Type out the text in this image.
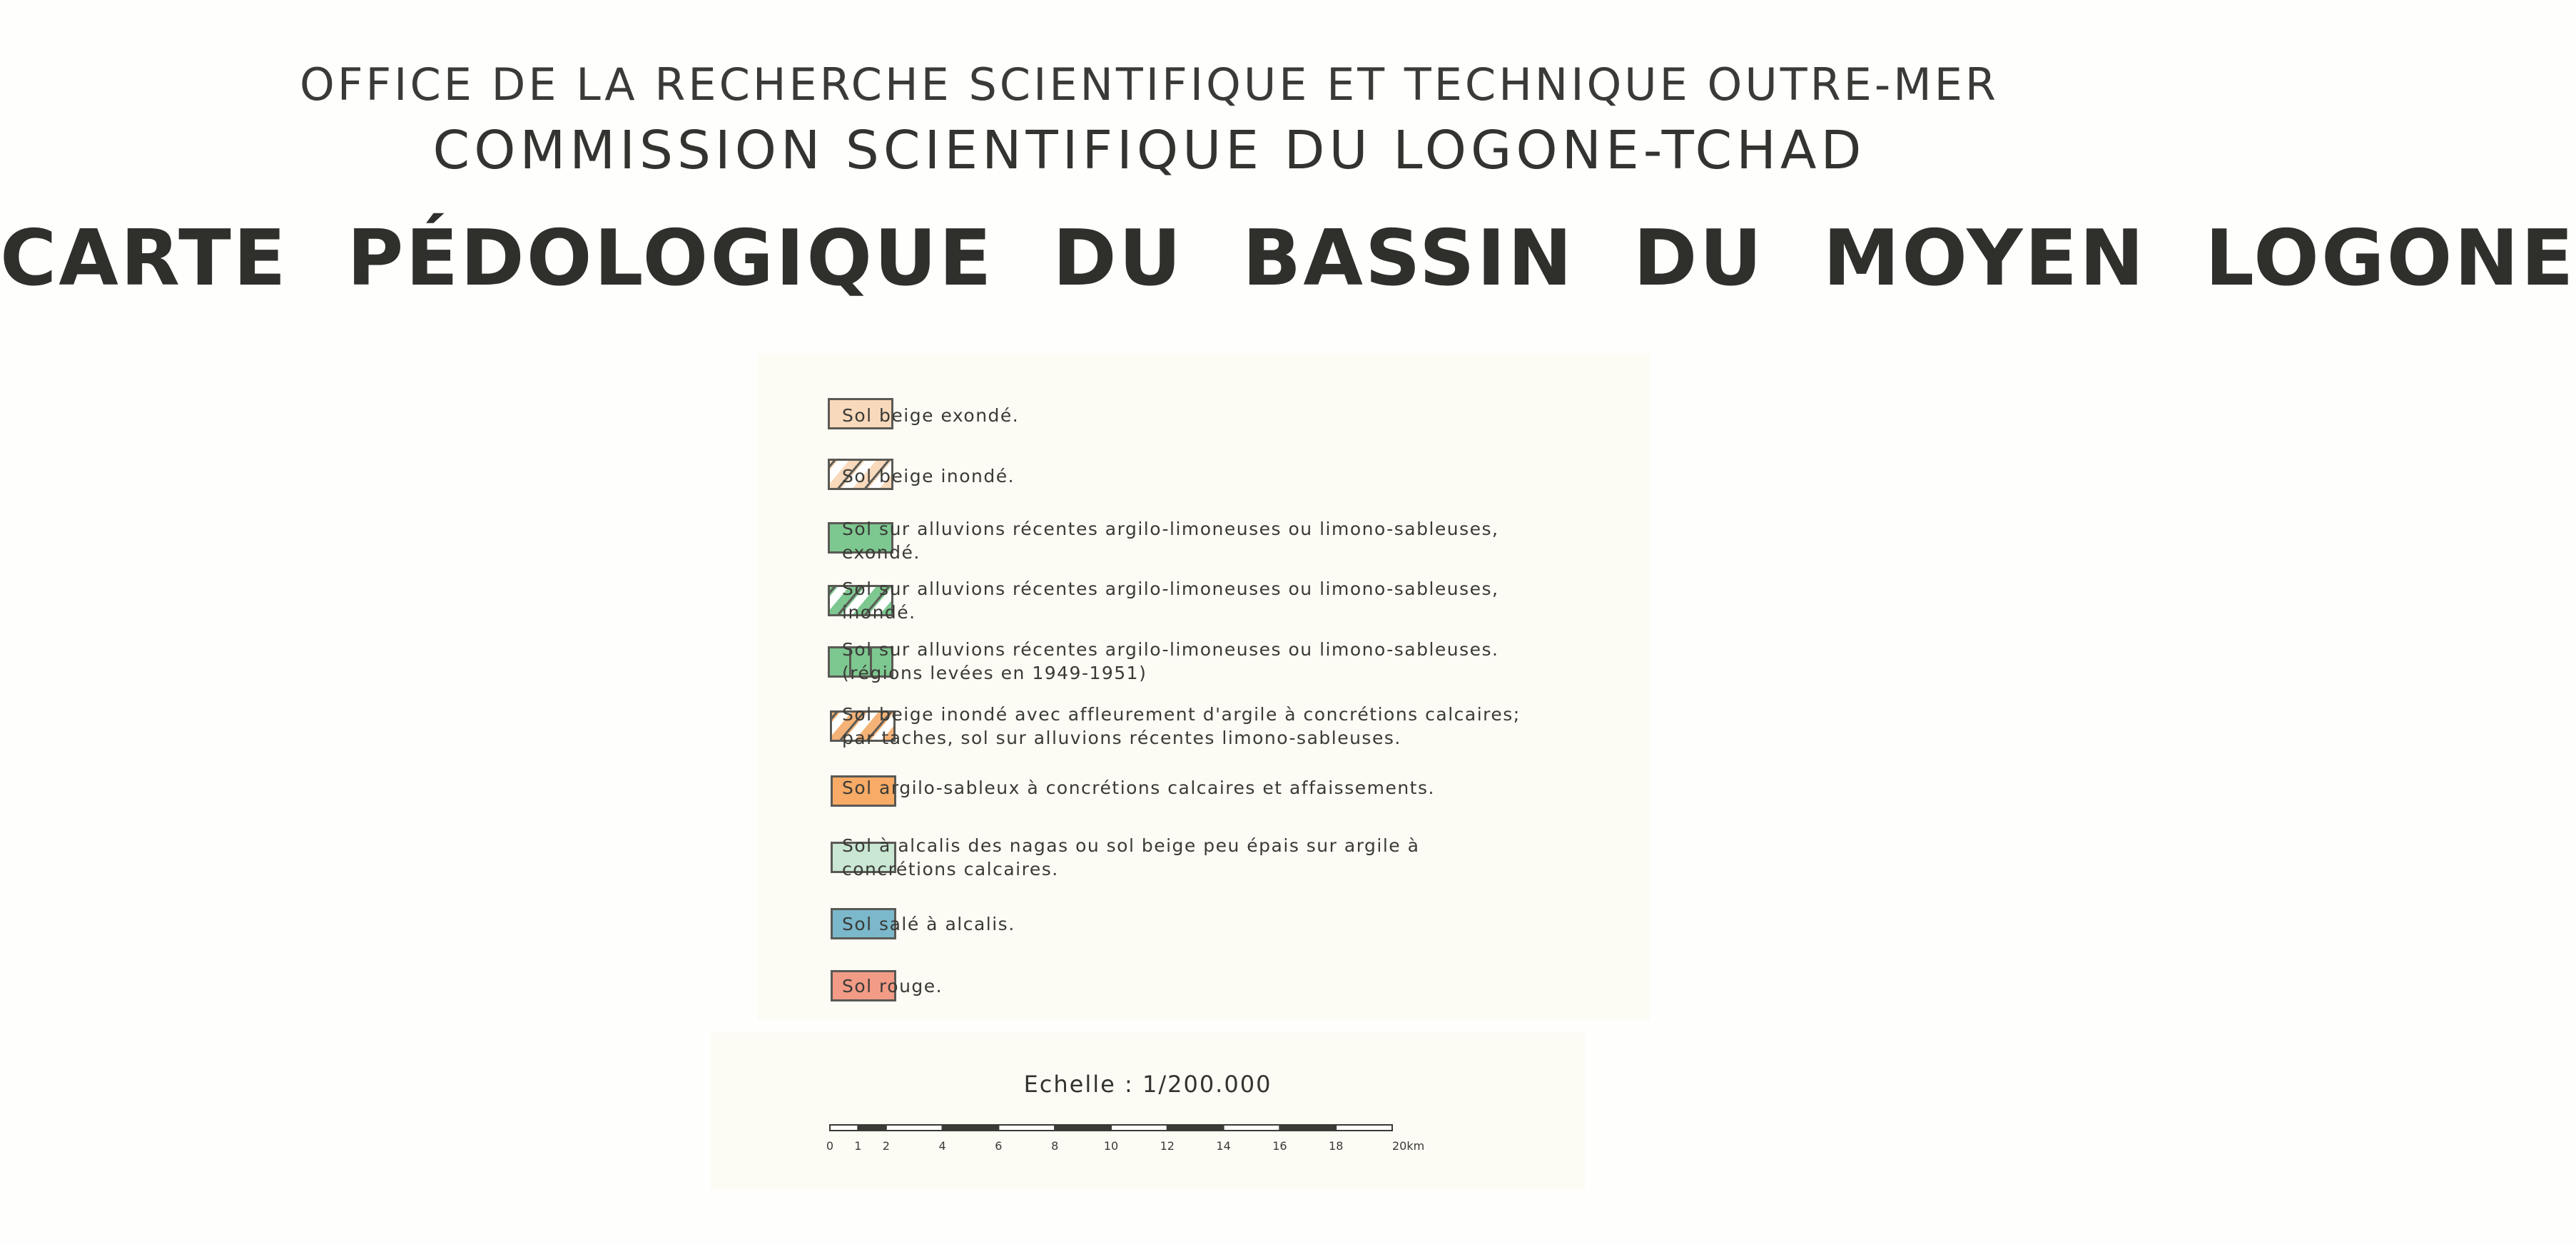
OFFICE DE LA RECHERCHE SCIENTIFIQUE ET TECHNIQUE OUTRE-MER
COMMISSION SCIENTIFIQUE DU LOGONE-TCHAD
CARTE PÉDOLOGIQUE DU BASSIN DU MOYEN LOGONE
Sol beige exondé.
Sol beige inondé.
Sol sur alluvions récentes argilo-limoneuses ou limono-sableuses,
exondé.
Sol sur alluvions récentes argilo-limoneuses ou limono-sableuses,
inondé.
Sol sur alluvions récentes argilo-limoneuses ou limono-sableuses.
(régions levées en 1949-1951)
Sol beige inondé avec affleurement d'argile à concrétions calcaires;
par taches, sol sur alluvions récentes limono-sableuses.
Sol argilo-sableux à concrétions calcaires et affaissements.
Sol à alcalis des nagas ou sol beige peu épais sur argile à
concrétions calcaires.
Sol salé à alcalis.
Sol rouge.
Echelle : 1/200.000
0 1 2	4	6	8	10	12	14	16	18	20km
